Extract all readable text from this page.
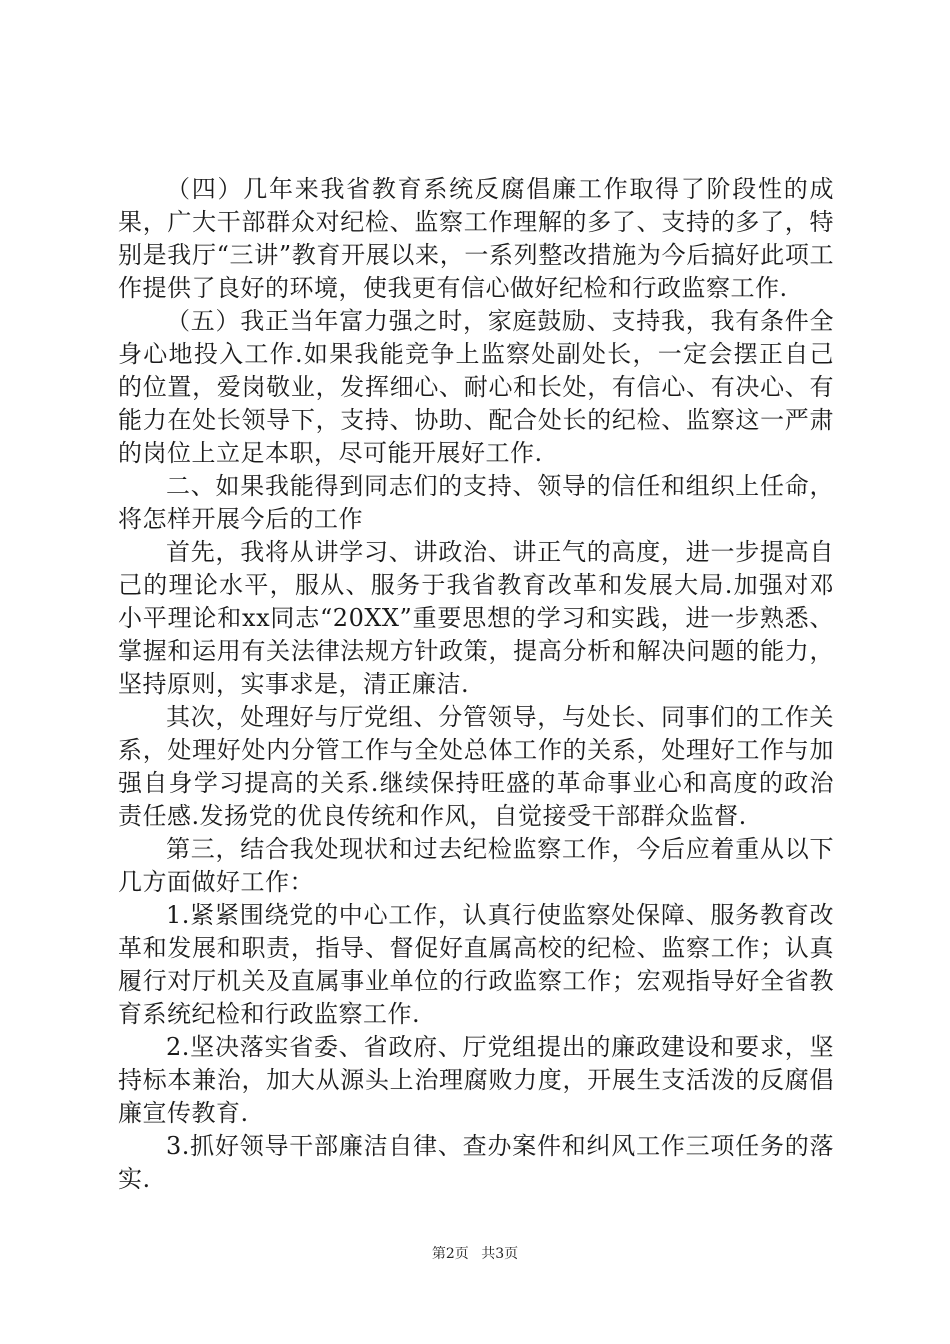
（四）几年来我省教育系统反腐倡廉工作取得了阶段性的成果，广大干部群众对纪检、监察工作理解的多了、支持的多了，特别是我厅“三讲”教育开展以来，一系列整改措施为今后搞好此项工作提供了良好的环境，使我更有信心做好纪检和行政监察工作.

（五）我正当年富力强之时，家庭鼓励、支持我，我有条件全身心地投入工作.如果我能竞争上监察处副处长，一定会摆正自己的位置，爱岗敬业，发挥细心、耐心和长处，有信心、有决心、有能力在处长领导下，支持、协助、配合处长的纪检、监察这一严肃的岗位上立足本职，尽可能开展好工作.

二、如果我能得到同志们的支持、领导的信任和组织上任命，将怎样开展今后的工作

首先，我将从讲学习、讲政治、讲正气的高度，进一步提高自己的理论水平，服从、服务于我省教育改革和发展大局.加强对邓小平理论和xx同志“20XX”重要思想的学习和实践，进一步熟悉、掌握和运用有关法律法规方针政策，提高分析和解决问题的能力，坚持原则，实事求是，清正廉洁.

其次，处理好与厅党组、分管领导，与处长、同事们的工作关系，处理好处内分管工作与全处总体工作的关系，处理好工作与加强自身学习提高的关系.继续保持旺盛的革命事业心和高度的政治责任感.发扬党的优良传统和作风，自觉接受干部群众监督.

第三，结合我处现状和过去纪检监察工作，今后应着重从以下几方面做好工作：

1.紧紧围绕党的中心工作，认真行使监察处保障、服务教育改革和发展和职责，指导、督促好直属高校的纪检、监察工作；认真履行对厅机关及直属事业单位的行政监察工作；宏观指导好全省教育系统纪检和行政监察工作.

2.坚决落实省委、省政府、厅党组提出的廉政建设和要求，坚持标本兼治，加大从源头上治理腐败力度，开展生支活泼的反腐倡廉宣传教育.

3.抓好领导干部廉洁自律、查办案件和纠风工作三项任务的落实.

第2页 共3页
